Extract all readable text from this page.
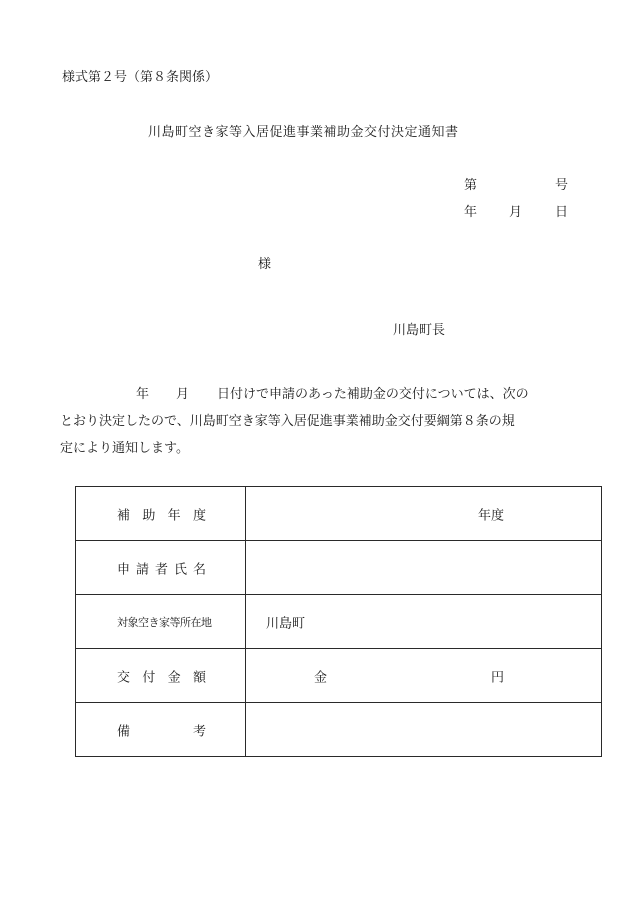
様式第２号（第８条関係）
川島町空き家等入居促進事業補助金交付決定通知書
第	号
年 月	日
様
川島町長
年 月 日付けで申請のあった補助金の交付については、次の
とおり決定したので、川島町空き家等入居促進事業補助金交付要綱第８条の規
定により通知します。
補 助 年 度	年度

申 請 者 氏 名	

対象空き家等所在地	川島町

交 付 金 額	金 円

備 考	
